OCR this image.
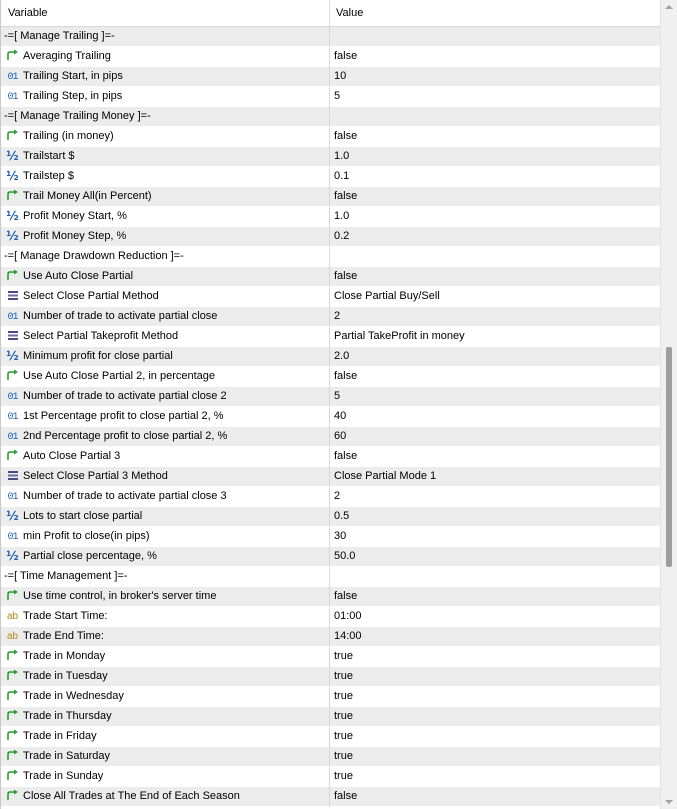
Variable	Value
-=[ Manage Trailing ]=-
Averaging Trailing	false
01 Trailing Start, in pips	10
01 Trailing Step, in pips	5
-=[ Manage Trailing Money ]=-
Trailing (in money)	false
½ Trailstart $	1.0
½ Trailstep $	0.1
Trail Money All(in Percent)	false
½ Profit Money Start, %	1.0
½ Profit Money Step, %	0.2
-=[ Manage Drawdown Reduction ]=-
Use Auto Close Partial	false
Select Close Partial Method	Close Partial Buy/Sell
01 Number of trade to activate partial close	2
Select Partial Takeprofit Method	Partial TakeProfit in money
½ Minimum profit for close partial	2.0
Use Auto Close Partial 2, in percentage	false
01 Number of trade to activate partial close 2	5
01 1st Percentage profit to close partial 2, %	40
01 2nd Percentage profit to close partial 2, %	60
Auto Close Partial 3	false
Select Close Partial 3 Method	Close Partial Mode 1
01 Number of trade to activate partial close 3	2
½ Lots to start close partial	0.5
01 min Profit to close(in pips)	30
½ Partial close percentage, %	50.0
-=[ Time Management ]=-
Use time control, in broker's server time	false
ab Trade Start Time:	01:00
ab Trade End Time:	14:00
Trade in Monday	true
Trade in Tuesday	true
Trade in Wednesday	true
Trade in Thursday	true
Trade in Friday	true
Trade in Saturday	true
Trade in Sunday	true
Close All Trades at The End of Each Season	false
